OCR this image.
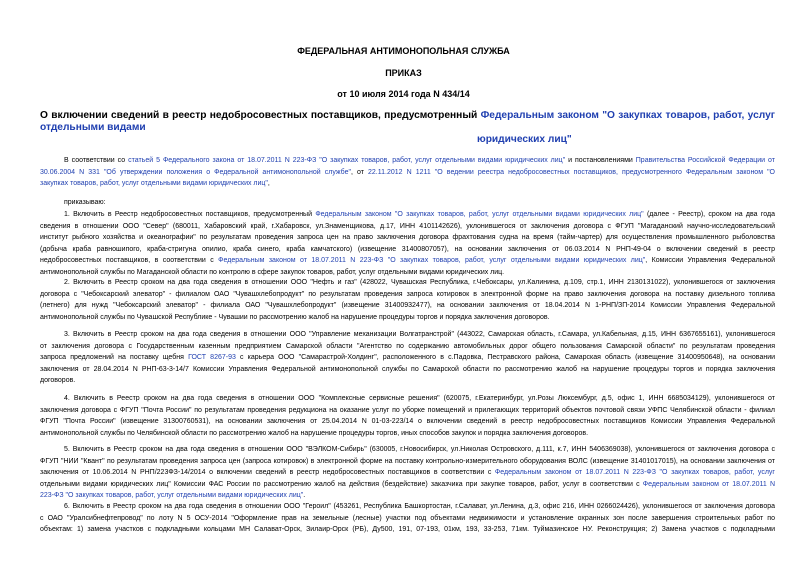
ФЕДЕРАЛЬНАЯ АНТИМОНОПОЛЬНАЯ СЛУЖБА
ПРИКАЗ
от 10 июля 2014 года N 434/14
О включении сведений в реестр недобросовестных поставщиков, предусмотренный Федеральным законом "О закупках товаров, работ, услуг отдельными видами
юридических лиц"
В соответствии со статьей 5 Федерального закона от 18.07.2011 N 223-ФЗ "О закупках товаров, работ, услуг отдельными видами юридических лиц" и постановлениями Правительства Российской Федерации от
30.06.2004 N 331 "Об утверждении положения о Федеральной антимонопольной службе", от 22.11.2012 N 1211 "О ведении реестра недобросовестных поставщиков, предусмотренного Федеральным законом "О
закупках товаров, работ, услуг отдельными видами юридических лиц",
приказываю:
1. Включить в Реестр недобросовестных поставщиков, предусмотренный Федеральным законом "О закупках товаров, работ, услуг отдельными видами юридических лиц" (далее - Реестр), сроком на два года
сведения в отношении ООО "Север" (680011, Хабаровский край, г.Хабаровск, ул.Знаменщикова, д.17, ИНН 4101142626), уклонившегося от заключения договора с ФГУП "Магаданский научно-исследовательский
институт рыбного хозяйства и океанографии" по результатам проведения запроса цен на право заключения договора фрахтования судна на время (тайм-чартер) для осуществления промышленного рыболовства
(добыча краба равношипого, краба-стригуна опилио, краба синего, краба камчатского) (извещение 31400807057), на основании заключения от 06.03.2014 N РНП-49-04 о включении сведений в реестр
недобросовестных поставщиков, в соответствии с Федеральным законом от 18.07.2011 N 223-ФЗ "О закупках товаров, работ, услуг отдельными видами юридических лиц", Комиссии Управления Федеральной
антимонопольной службы по Магаданской области по контролю в сфере закупок товаров, работ, услуг отдельными видами юридических лиц.
2. Включить в Реестр сроком на два года сведения в отношении ООО "Нефть и газ" (428022, Чувашская Республика, г.Чебоксары, ул.Калинина, д.109, стр.1, ИНН 2130131022), уклонившегося от заключения
договора с "Чебоксарский элеватор" - филиалом ОАО "Чувашхлебопродукт" по результатам проведения запроса котировок в электронной форме на право заключения договора на поставку дизельного топлива
(летнего) для нужд "Чебоксарский элеватор" - филиала ОАО "Чувашхлебопродукт" (извещение 31400932477), на основании заключения от 18.04.2014 N 1-РНП/ЗП-2014 Комиссии Управления Федеральной
антимонопольной службы по Чувашской Республике - Чувашии по рассмотрению жалоб на нарушение процедуры торгов и порядка заключения договоров.
3. Включить в Реестр сроком на два года сведения в отношении ООО "Управление механизации Волгатранстрой" (443022, Самарская область, г.Самара, ул.Кабельная, д.15, ИНН 6367655161), уклонившегося
от заключения договора с Государственным казенным предприятием Самарской области "Агентство по содержанию автомобильных дорог общего пользования Самарской области" по результатам проведения
запроса предложений на поставку щебня ГОСТ 8267-93 с карьера ООО "Самарастрой-Холдинг", расположенного в с.Падовка, Пестравского района, Самарская область (извещение 31400950648), на основании
заключения от 28.04.2014 N РНП-63-3-14/7 Комиссии Управления Федеральной антимонопольной службы по Самарской области по рассмотрению жалоб на нарушение процедуры торгов и порядка заключения
договоров.
4. Включить в Реестр сроком на два года сведения в отношении ООО "Комплексные сервисные решения" (620075, г.Екатеринбург, ул.Розы Люксембург, д.5, офис 1, ИНН 6685034129), уклонившегося от
заключения договора с ФГУП "Почта России" по результатам проведения редукциона на оказание услуг по уборке помещений и прилегающих территорий объектов почтовой связи УФПС Челябинской области - филиал
ФГУП "Почта России" (извещение 31300760531), на основании заключения от 25.04.2014 N 01-03-223/14 о включении сведений в реестр недобросовестных поставщиков Комиссии Управления Федеральной
антимонопольной службы по Челябинской области по рассмотрению жалоб на нарушение процедуры торгов, иных способов закупок и порядка заключения договоров.
5. Включить в Реестр сроком на два года сведения в отношении ООО "ВЭЛКОМ-Сибирь" (630005, г.Новосибирск, ул.Николая Островского, д.111, к.7, ИНН 5406369038), уклонившегося от заключения договора с
ФГУП "НИИ "Квант" по результатам проведения запроса цен (запроса котировок) в электронной форме на поставку контрольно-измерительного оборудования ВОЛС (извещение 31401017015), на основании заключения от
заключения от 10.06.2014 N РНП/223ФЗ-14/2014 о включении сведений в реестр недобросовестных поставщиков в соответствии с Федеральным законом от 18.07.2011 N 223-ФЗ "О закупках товаров, работ, услуг
отдельными видами юридических лиц" Комиссии ФАС России по рассмотрению жалоб на действия (бездействие) заказчика при закупке товаров, работ, услуг в соответствии с Федеральным законом от 18.07.2011 N
223-ФЗ "О закупках товаров, работ, услуг отдельными видами юридических лиц".
6. Включить в Реестр сроком на два года сведения в отношении ООО "Героил" (453261, Республика Башкортостан, г.Салават, ул.Ленина, д.3, офис 216, ИНН 0266024426), уклонившегося от заключения договора
с ОАО "Уралсибнефтепровод" по лоту N 5 ОСУ-2014 "Оформление прав на земельные (лесные) участки под объектами недвижимости и установление охранных зон после завершения строительных работ по
объектам: 1) замена участков с подкладными кольцами МН Салават-Орск, Зилаир-Орск (РБ), Ду500, 191, 07-193, 01км, 193, 33-253, 71км. Туймазинское НУ. Реконструкция; 2) Замена участков с подкладными
